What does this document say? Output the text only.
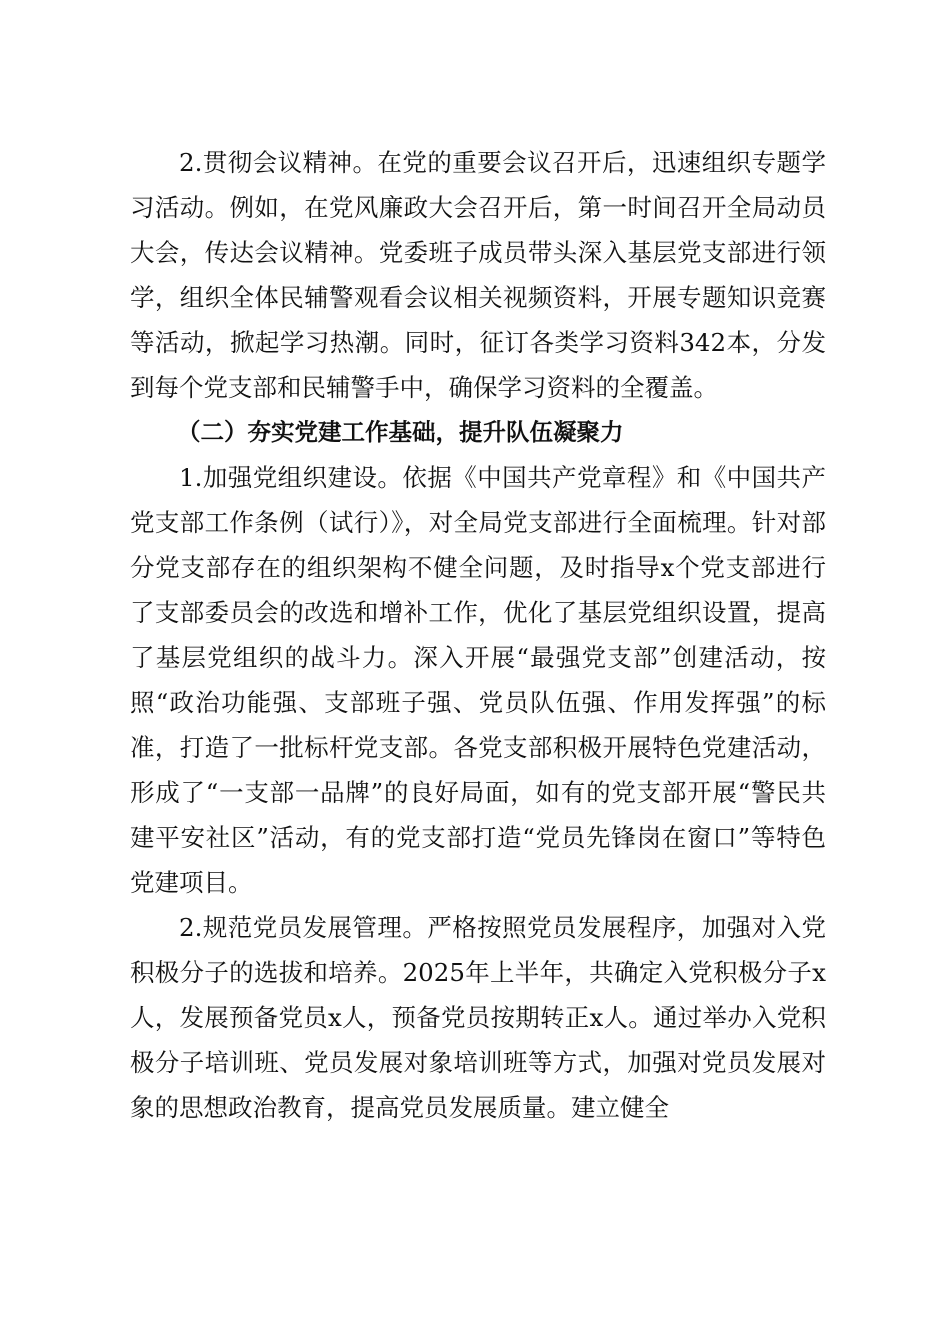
2.贯彻会议精神。在党的重要会议召开后，迅速组织专题学习活动。例如，在党风廉政大会召开后，第一时间召开全局动员大会，传达会议精神。党委班子成员带头深入基层党支部进行领学，组织全体民辅警观看会议相关视频资料，开展专题知识竞赛等活动，掀起学习热潮。同时，征订各类学习资料342本，分发到每个党支部和民辅警手中，确保学习资料的全覆盖。

（二）夯实党建工作基础，提升队伍凝聚力

1.加强党组织建设。依据《中国共产党章程》和《中国共产党支部工作条例（试行）》，对全局党支部进行全面梳理。针对部分党支部存在的组织架构不健全问题，及时指导x个党支部进行了支部委员会的改选和增补工作，优化了基层党组织设置，提高了基层党组织的战斗力。深入开展“最强党支部”创建活动，按照“政治功能强、支部班子强、党员队伍强、作用发挥强”的标准，打造了一批标杆党支部。各党支部积极开展特色党建活动，形成了“一支部一品牌”的良好局面，如有的党支部开展“警民共建平安社区”活动，有的党支部打造“党员先锋岗在窗口”等特色党建项目。

2.规范党员发展管理。严格按照党员发展程序，加强对入党积极分子的选拔和培养。2025年上半年，共确定入党积极分子x人，发展预备党员x人，预备党员按期转正x人。通过举办入党积极分子培训班、党员发展对象培训班等方式，加强对党员发展对象的思想政治教育，提高党员发展质量。建立健全
